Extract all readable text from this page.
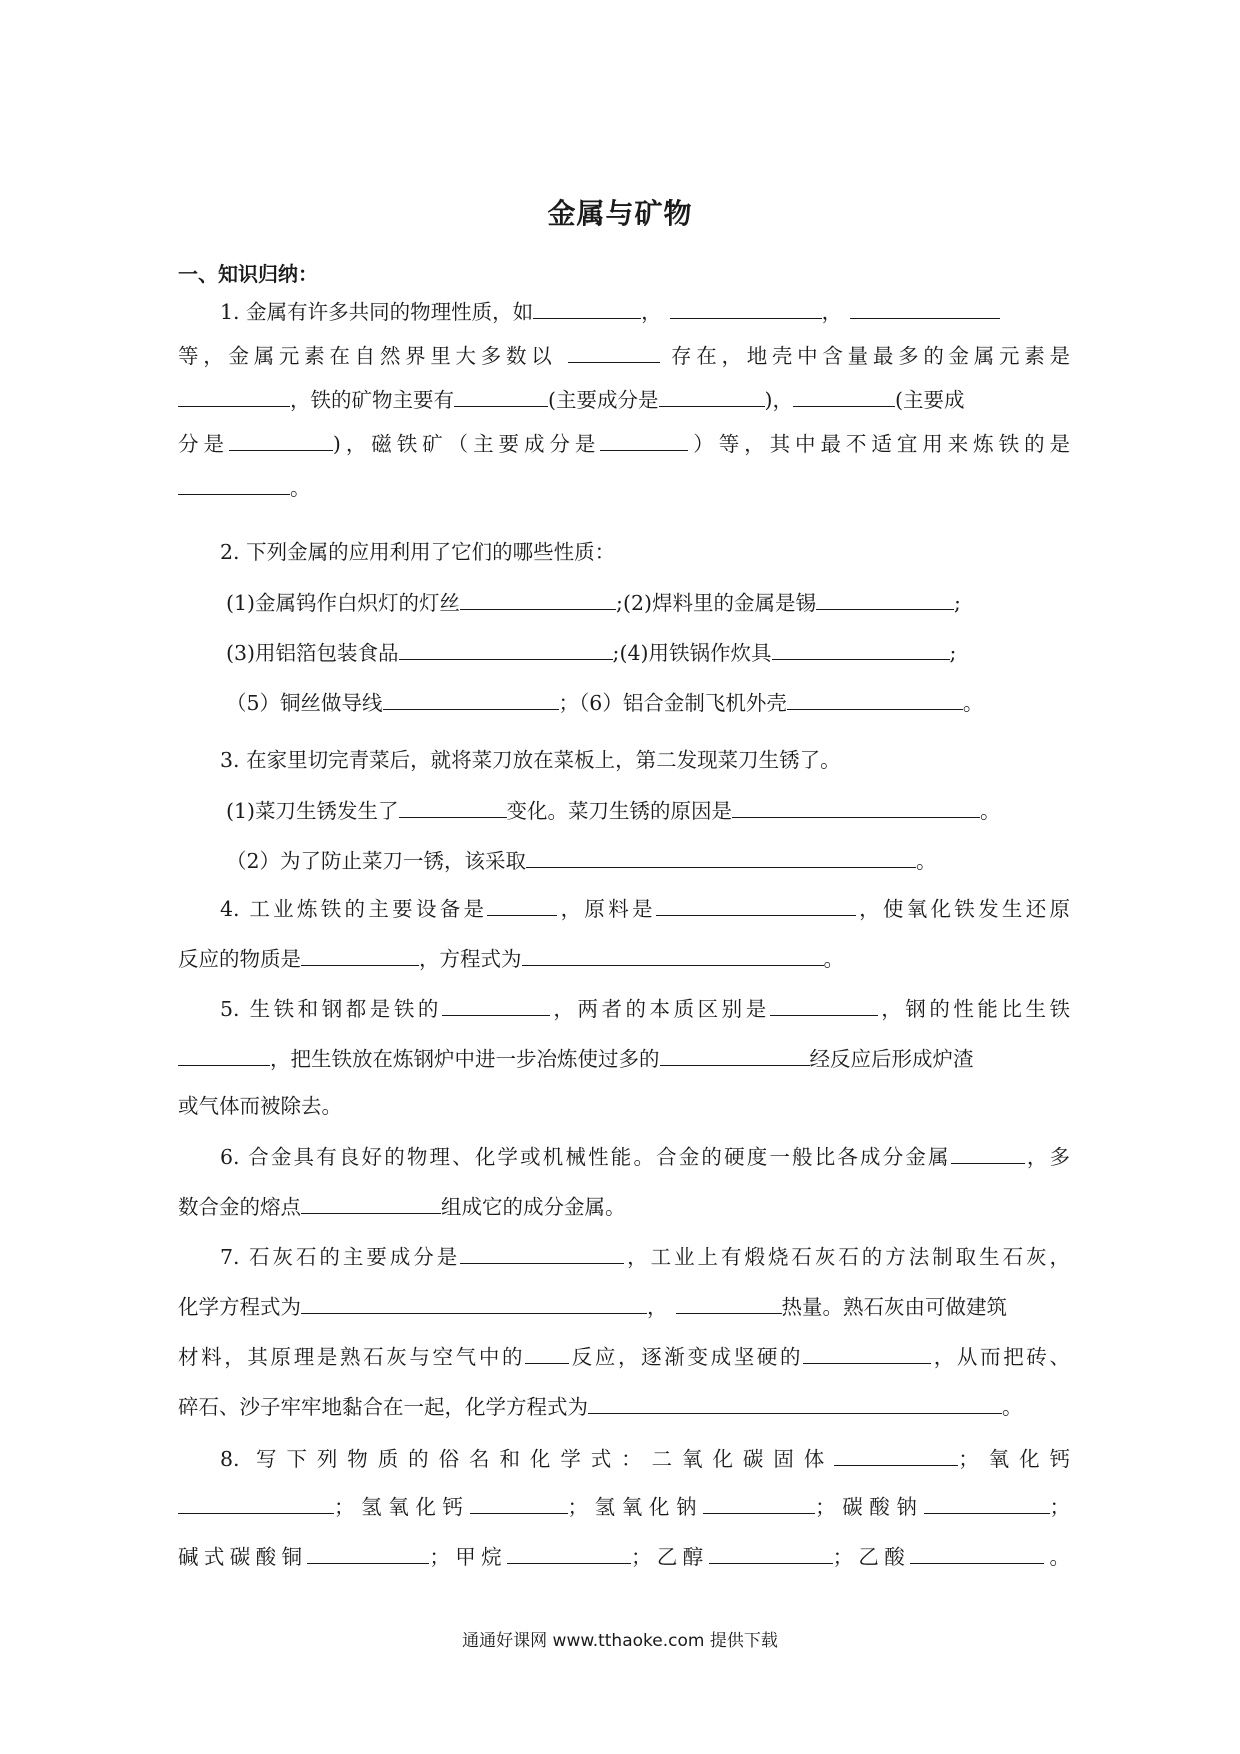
金属与矿物
一、知识归纳：
1. 金属有许多共同的物理性质，如	，	，
等，金属元素在自然界里大多数以	存在，地壳中含量最多的金属元素是
，铁的矿物主要有	(主要成分是	)，	(主要成
分是	)，磁铁矿（主要成分是	）等，其中最不适宜用来炼铁的是
。
2. 下列金属的应用利用了它们的哪些性质：
(1)金属钨作白炽灯的灯丝	;(2)焊料里的金属是锡	;
(3)用铝箔包装食品	;(4)用铁锅作炊具	;
（5）铜丝做导线	；（6）铝合金制飞机外壳	。
3. 在家里切完青菜后，就将菜刀放在菜板上，第二发现菜刀生锈了。
(1)菜刀生锈发生了	变化。菜刀生锈的原因是	。
（2）为了防止菜刀一锈，该采取	。
4. 工业炼铁的主要设备是	，原料是	，使氧化铁发生还原
反应的物质是	，方程式为	。
5. 生铁和钢都是铁的	，两者的本质区别是	，钢的性能比生铁
，把生铁放在炼钢炉中进一步冶炼使过多的	经反应后形成炉渣
或气体而被除去。
6. 合金具有良好的物理、化学或机械性能。合金的硬度一般比各成分金属	，多
数合金的熔点	组成它的成分金属。
7. 石灰石的主要成分是	，工业上有煅烧石灰石的方法制取生石灰，
化学方程式为	，	热量。熟石灰由可做建筑
材料，其原理是熟石灰与空气中的 反应，逐渐变成坚硬的	，从而把砖、
碎石、沙子牢牢地黏合在一起，化学方程式为	。
8. 写下列物质的俗名和化学式：二氧化碳固体	；氧化钙
；氢氧化钙	；氢氧化钠	；碳酸钠	；
碱式碳酸铜	；甲烷	；乙醇	；乙酸	。
通通好课网 www.tthaoke.com 提供下载
